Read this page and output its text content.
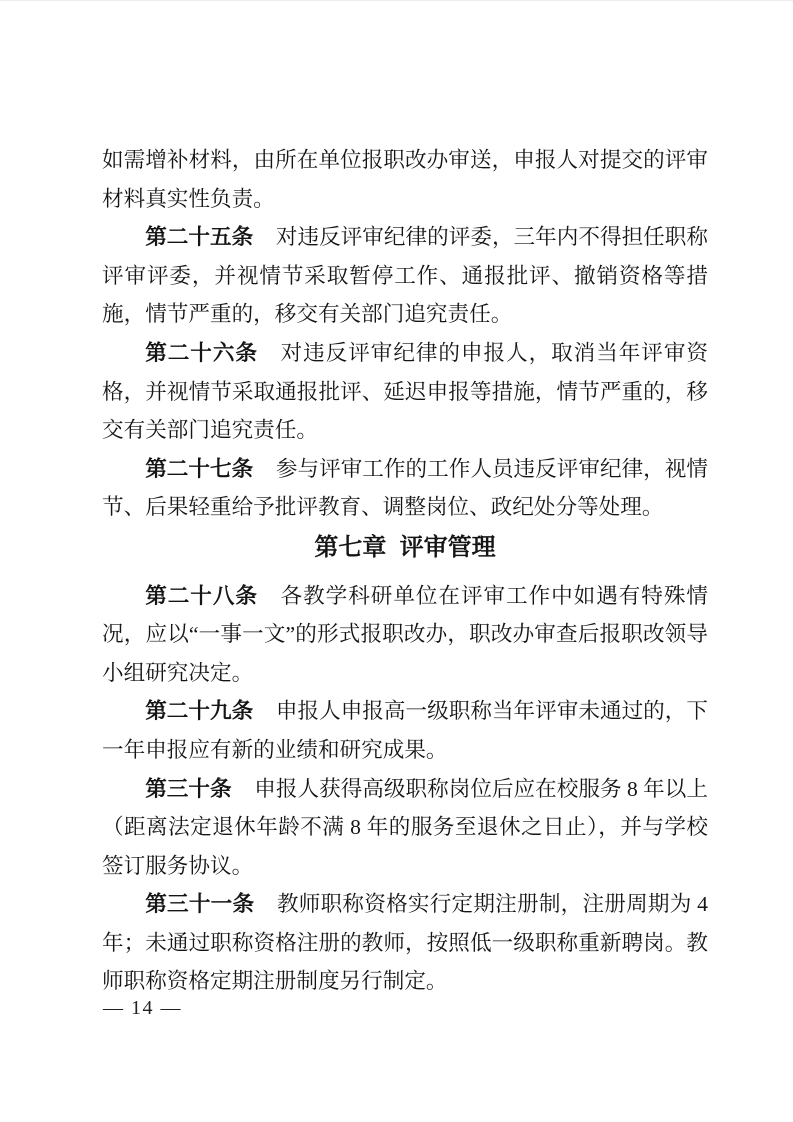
如需增补材料，由所在单位报职改办审送，申报人对提交的评审材料真实性负责。

第二十五条 对违反评审纪律的评委，三年内不得担任职称评审评委，并视情节采取暂停工作、通报批评、撤销资格等措施，情节严重的，移交有关部门追究责任。

第二十六条 对违反评审纪律的申报人，取消当年评审资格，并视情节采取通报批评、延迟申报等措施，情节严重的，移交有关部门追究责任。

第二十七条 参与评审工作的工作人员违反评审纪律，视情节、后果轻重给予批评教育、调整岗位、政纪处分等处理。

第七章 评审管理

第二十八条 各教学科研单位在评审工作中如遇有特殊情况，应以“一事一文”的形式报职改办，职改办审查后报职改领导小组研究决定。

第二十九条 申报人申报高一级职称当年评审未通过的，下一年申报应有新的业绩和研究成果。

第三十条 申报人获得高级职称岗位后应在校服务 8 年以上（距离法定退休年龄不满 8 年的服务至退休之日止），并与学校签订服务协议。

第三十一条 教师职称资格实行定期注册制，注册周期为 4 年；未通过职称资格注册的教师，按照低一级职称重新聘岗。教师职称资格定期注册制度另行制定。

— 14 —
